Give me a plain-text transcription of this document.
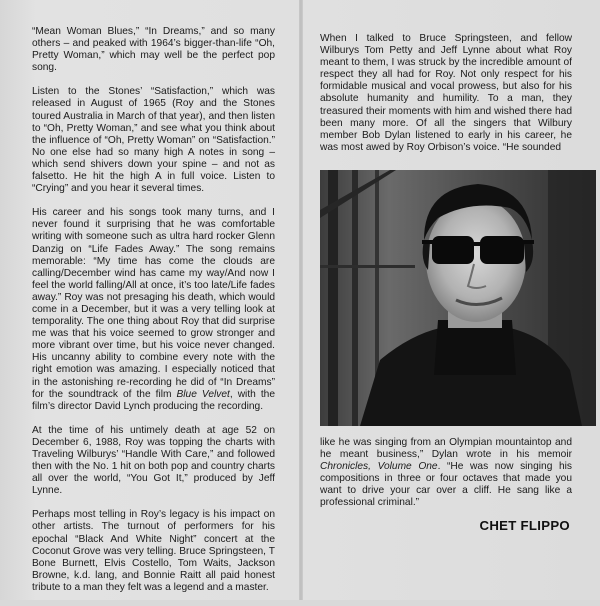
“Mean Woman Blues,” “In Dreams,” and so many others – and peaked with 1964’s bigger-than-life “Oh, Pretty Woman,” which may well be the perfect pop song.

Listen to the Stones’ “Satisfaction,” which was released in August of 1965 (Roy and the Stones toured Australia in March of that year), and then listen to “Oh, Pretty Woman,” and see what you think about the influence of “Oh, Pretty Woman” on “Satisfaction.” No one else had so many high A notes in song – which send shivers down your spine – and not as falsetto. He hit the high A in full voice. Listen to “Crying” and you hear it several times.

His career and his songs took many turns, and I never found it surprising that he was comfortable writing with someone such as ultra hard rocker Glenn Danzig on “Life Fades Away.” The song remains memorable: “My time has come the clouds are calling/December wind has came my way/And now I feel the world falling/All at once, it’s too late/Life fades away.” Roy was not presaging his death, which would come in a December, but it was a very telling look at temporality. The one thing about Roy that did surprise me was that his voice seemed to grow stronger and more vibrant over time, but his voice never changed. His uncanny ability to combine every note with the right emotion was amazing. I especially noticed that in the astonishing re-recording he did of “In Dreams” for the soundtrack of the film Blue Velvet, with the film’s director David Lynch producing the recording.

At the time of his untimely death at age 52 on December 6, 1988, Roy was topping the charts with Traveling Wilburys’ “Handle With Care,” and followed then with the No. 1 hit on both pop and country charts all over the world, “You Got It,” produced by Jeff Lynne.

Perhaps most telling in Roy’s legacy is his impact on other artists. The turnout of performers for his epochal “Black And White Night” concert at the Coconut Grove was very telling. Bruce Springsteen, T Bone Burnett, Elvis Costello, Tom Waits, Jackson Browne, k.d. lang, and Bonnie Raitt all paid honest tribute to a man they felt was a legend and a master.

When I talked to Bruce Springsteen, and fellow Wilburys Tom Petty and Jeff Lynne about what Roy meant to them, I was struck by the incredible amount of respect they all had for Roy. Not only respect for his formidable musical and vocal prowess, but also for his absolute humanity and humility. To a man, they treasured their moments with him and wished there had been many more. Of all the singers that Wilbury member Bob Dylan listened to early in his career, he was most awed by Roy Orbison’s voice. “He sounded

like he was singing from an Olympian mountaintop and he meant business,” Dylan wrote in his memoir Chronicles, Volume One. “He was now singing his compositions in three or four octaves that made you want to drive your car over a cliff. He sang like a professional criminal.”

CHET FLIPPO
